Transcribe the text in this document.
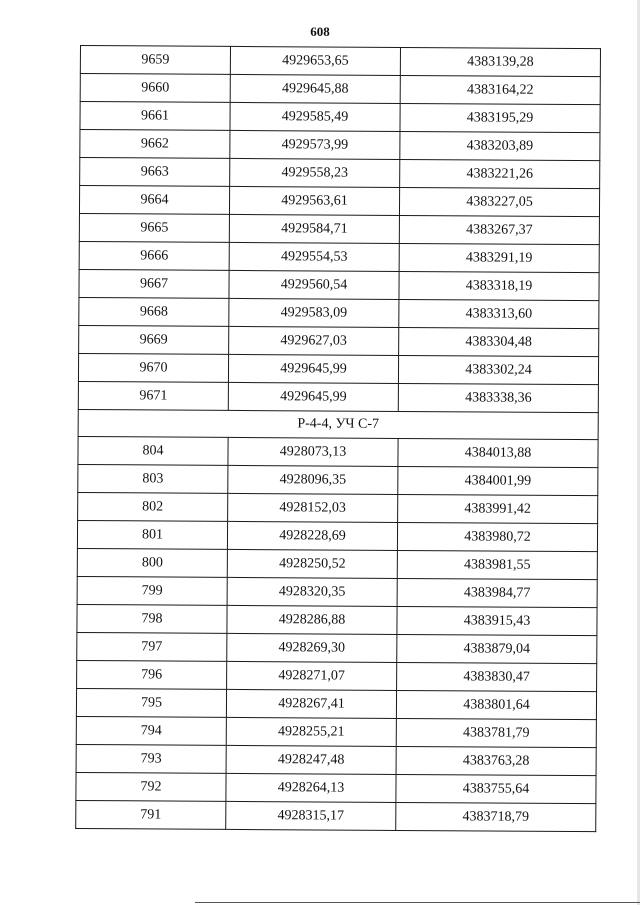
608
9659	4929653,65	4383139,28
9660	4929645,88	4383164,22
9661	4929585,49	4383195,29
9662	4929573,99	4383203,89
9663	4929558,23	4383221,26
9664	4929563,61	4383227,05
9665	4929584,71	4383267,37
9666	4929554,53	4383291,19
9667	4929560,54	4383318,19
9668	4929583,09	4383313,60
9669	4929627,03	4383304,48
9670	4929645,99	4383302,24
9671	4929645,99	4383338,36
Р-4-4, УЧ С-7		
804	4928073,13	4384013,88
803	4928096,35	4384001,99
802	4928152,03	4383991,42
801	4928228,69	4383980,72
800	4928250,52	4383981,55
799	4928320,35	4383984,77
798	4928286,88	4383915,43
797	4928269,30	4383879,04
796	4928271,07	4383830,47
795	4928267,41	4383801,64
794	4928255,21	4383781,79
793	4928247,48	4383763,28
792	4928264,13	4383755,64
791	4928315,17	4383718,79
